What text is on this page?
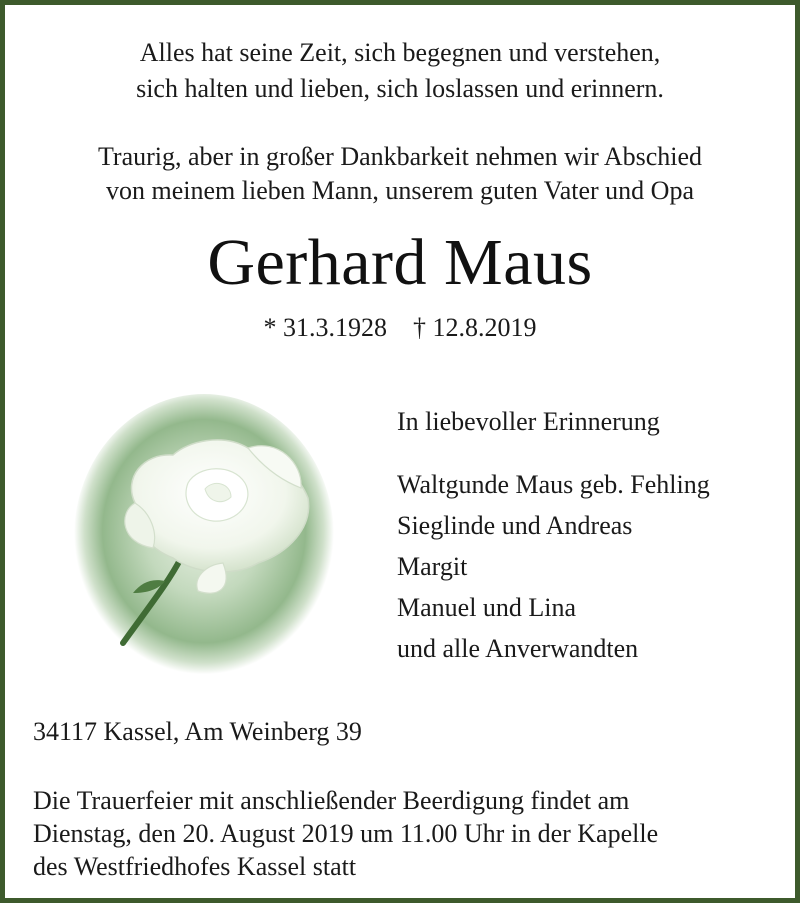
Alles hat seine Zeit, sich begegnen und verstehen,
sich halten und lieben, sich loslassen und erinnern.
Traurig, aber in großer Dankbarkeit nehmen wir Abschied
von meinem lieben Mann, unserem guten Vater und Opa
Gerhard Maus
* 31.3.1928 † 12.8.2019
In liebevoller Erinnerung
Waltgunde Maus geb. Fehling
Sieglinde und Andreas
Margit
Manuel und Lina
und alle Anverwandten
34117 Kassel, Am Weinberg 39
Die Trauerfeier mit anschließender Beerdigung findet am
Dienstag, den 20. August 2019 um 11.00 Uhr in der Kapelle
des Westfriedhofes Kassel statt
